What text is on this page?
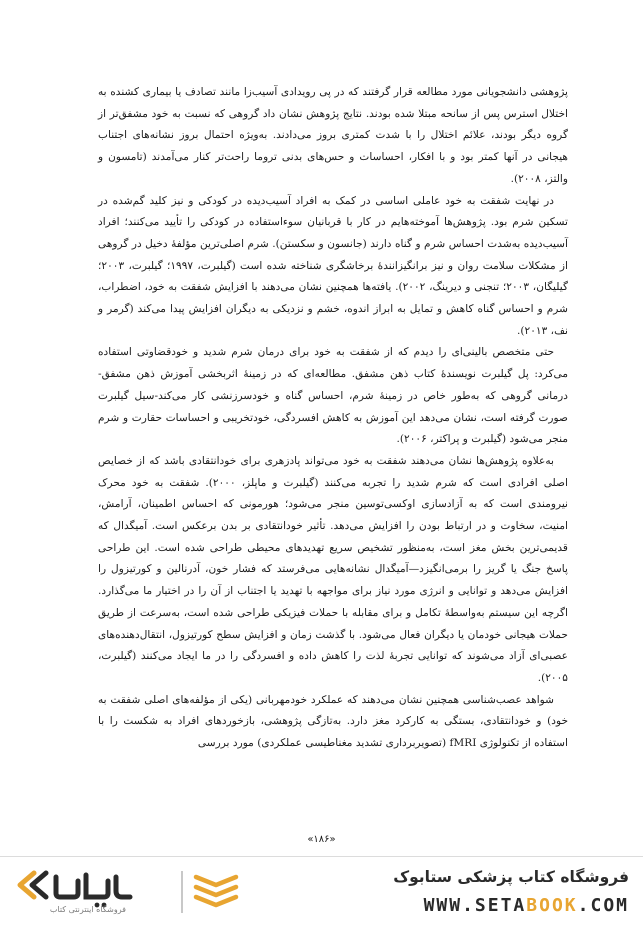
پژوهشی دانشجویانی مورد مطالعه قرار گرفتند که در پی رویدادی آسیب‌زا مانند تصادف یا بیماری کشنده به اختلال استرس پس از سانحه مبتلا شده بودند. نتایج پژوهش نشان داد گروهی که نسبت به خود مشفق‌تر از گروه دیگر بودند، علائم اختلال را با شدت کمتری بروز می‌دادند. به‌ویژه احتمال بروز نشانه‌های اجتناب هیجانی در آنها کمتر بود و با افکار، احساسات و حس‌های بدنی تروما راحت‌تر کنار می‌آمدند (تامسون و والتز، ۲۰۰۸).

در نهایت شفقت به خود عاملی اساسی در کمک به افراد آسیب‌دیده در کودکی و نیز کلید گم‌شده در تسکین شرم بود. پژوهش‌ها آموخته‌هایم در کار با قربانیان سوءاستفاده در کودکی را تأیید می‌کنند؛ افراد آسیب‌دیده به‌شدت احساس شرم و گناه دارند (جانسون و سکستن). شرم اصلی‌ترین مؤلفهٔ دخیل در گروهی از مشکلات سلامت روان و نیز برانگیزانندهٔ برخاشگری شناخته شده است (گیلبرت، ۱۹۹۷؛ گیلبرت، ۲۰۰۳؛ گیلیگان، ۲۰۰۳؛ تنجنی و دیرینگ، ۲۰۰۲). یافته‌ها همچنین نشان می‌دهند با افزایش شفقت به خود، اضطراب، شرم و احساس گناه کاهش و تمایل به ابراز اندوه، خشم و نزدیکی به دیگران افزایش پیدا می‌کند (گرمر و نف، ۲۰۱۳).

حتی متخصص بالینی‌ای را دیدم که از شفقت به خود برای درمان شرم شدید و خودقضاوتی استفاده می‌کرد: پل گیلبرت نویسندهٔ کتاب ذهن مشفق. مطالعه‌ای که در زمینهٔ اثربخشی آموزش ذهن مشفق-درمانی گروهی که به‌طور خاص در زمینهٔ شرم، احساس گناه و خودسرزنشی کار می‌کند-سیل گیلبرت صورت گرفته است، نشان می‌دهد این آموزش به کاهش افسردگی، خودتخریبی و احساسات حقارت و شرم منجر می‌شود (گیلبرت و پراکتر، ۲۰۰۶).

به‌علاوه پژوهش‌ها نشان می‌دهند شفقت به خود می‌تواند پادزهری برای خودانتقادی باشد که از خصایص اصلی افرادی است که شرم شدید را تجربه می‌کنند (گیلبرت و ماپلز، ۲۰۰۰). شفقت به خود محرک نیرومندی است که به آزادسازی اوکسی‌توسین منجر می‌شود؛ هورمونی که احساس اطمینان، آرامش، امنیت، سخاوت و در ارتباط بودن را افزایش می‌دهد. تأثیر خودانتقادی بر بدن برعکس است. آمیگدال که قدیمی‌ترین بخش مغز است، به‌منظور تشخیص سریع تهدیدهای محیطی طراحی شده است. این طراحی پاسخ جنگ یا گریز را برمی‌انگیزد—آمیگدال نشانه‌هایی می‌فرستد که فشار خون، آدرنالین و کورتیزول را افزایش می‌دهد و توانایی و انرژی مورد نیاز برای مواجهه با تهدید یا اجتناب از آن را در اختیار ما می‌گذارد. اگرچه این سیستم به‌واسطهٔ تکامل و برای مقابله با حملات فیزیکی طراحی شده است، به‌سرعت از طریق حملات هیجانی خودمان یا دیگران فعال می‌شود. با گذشت زمان و افزایش سطح کورتیزول، انتقال‌دهنده‌های عصبی‌ای آزاد می‌شوند که توانایی تجربهٔ لذت را کاهش داده و افسردگی را در ما ایجاد می‌کنند (گیلبرت، ۲۰۰۵).

شواهد عصب‌شناسی همچنین نشان می‌دهند که عملکرد خودمهربانی (یکی از مؤلفه‌های اصلی شفقت به خود) و خودانتقادی، بستگی به کارکرد مغز دارد. به‌تازگی پژوهشی، بازخوردهای افراد به شکست را با استفاده از تکنولوژی fMRI (تصویربرداری تشدید مغناطیسی عملکردی) مورد بررسی

«۱۸۶»
فروشگاه اینترنتی کتاب
فروشگاه کتاب پزشکی ستابوک
WWW.SETABOOK.COM
